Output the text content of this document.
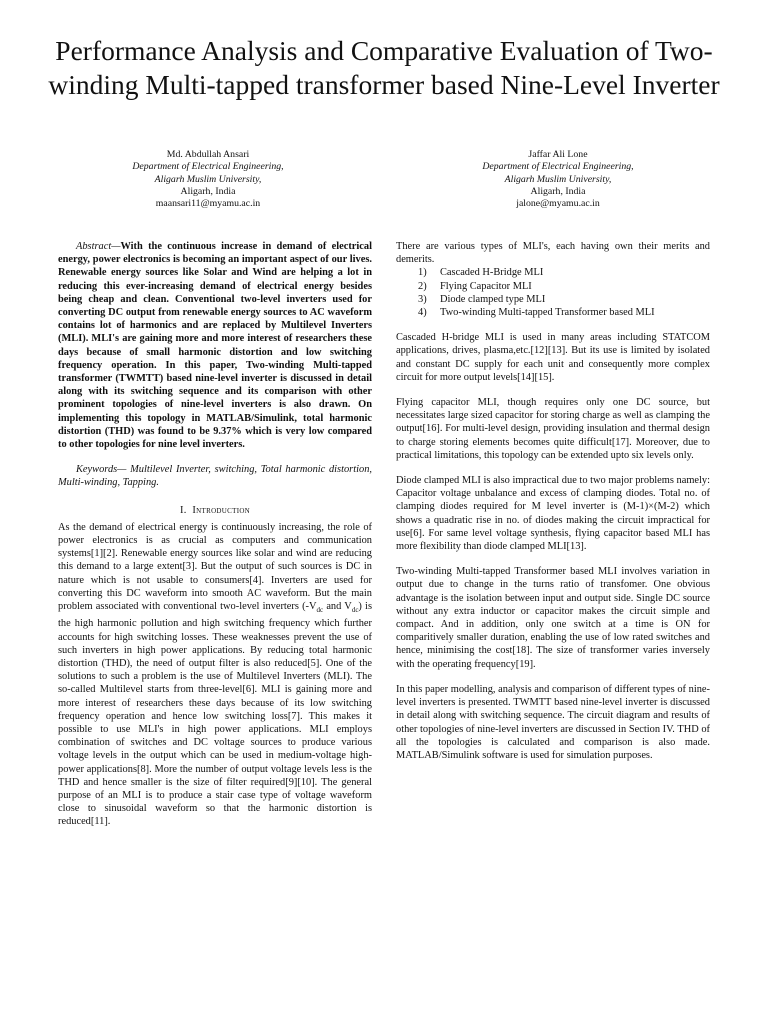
Performance Analysis and Comparative Evaluation of Two-winding Multi-tapped transformer based Nine-Level Inverter
Md. Abdullah Ansari
Department of Electrical Engineering,
Aligarh Muslim University,
Aligarh, India
maansari11@myamu.ac.in
Jaffar Ali Lone
Department of Electrical Engineering,
Aligarh Muslim University,
Aligarh, India
jalone@myamu.ac.in

Abstract—With the continuous increase in demand of electrical energy, power electronics is becoming an important aspect of our lives. Renewable energy sources like Solar and Wind are helping a lot in reducing this ever-increasing demand of electrical energy besides being cheap and clean. Conventional two-level inverters used for converting DC output from renewable energy sources to AC waveform contains lot of harmonics and are replaced by Multilevel Inverters (MLI). MLI's are gaining more and more interest of researchers these days because of small harmonic distortion and low switching frequency operation. In this paper, Two-winding Multi-tapped transformer (TWMTT) based nine-level inverter is discussed in detail along with its switching sequence and its comparison with other prominent topologies of nine-level inverters is also drawn. On implementing this topology in MATLAB/Simulink, total harmonic distortion (THD) was found to be 9.37% which is very low compared to other topologies for nine level inverters.

Keywords— Multilevel Inverter, switching, Total harmonic distortion, Multi-winding, Tapping.

I. Introduction

As the demand of electrical energy is continuously increasing, the role of power electronics is as crucial as computers and communication systems[1][2]. Renewable energy sources like solar and wind are reducing this demand to a large extent[3]. But the output of such sources is DC in nature which is not usable to consumers[4]. Inverters are used for converting this DC waveform into smooth AC waveform. But the main problem associated with conventional two-level inverters ($-V_{dc}$ and $V_{dc}$) is the high harmonic pollution and high switching frequency which further accounts for high switching losses. These weaknesses prevent the use of such inverters in high power applications. By reducing total harmonic distortion (THD), the need of output filter is also reduced[5]. One of the solutions to such a problem is the use of Multilevel Inverters (MLI). The so-called Multilevel starts from three-level[6]. MLI is gaining more and more interest of researchers these days because of its low switching frequency operation and hence low switching loss[7]. This makes it possible to use MLI's in high power applications. MLI employs combination of switches and DC voltage sources to produce various voltage levels in the output which can be used in medium-voltage high-power applications[8]. More the number of output voltage levels less is the THD and hence smaller is the size of filter required[9][10]. The general purpose of an MLI is to produce a stair case type of voltage waveform close to sinusoidal waveform so that the harmonic distortion is reduced[11].

There are various types of MLI's, each having own their merits and demerits.

1) Cascaded H-Bridge MLI
2) Flying Capacitor MLI
3) Diode clamped type MLI
4) Two-winding Multi-tapped Transformer based MLI

Cascaded H-bridge MLI is used in many areas including STATCOM applications, drives, plasma,etc.[12][13]. But its use is limited by isolated and constant DC supply for each unit and consequently more complex circuit for more output levels[14][15].

Flying capacitor MLI, though requires only one DC source, but necessitates large sized capacitor for storing charge as well as clamping the output[16]. For multi-level design, providing insulation and thermal design to charge storing elements becomes quite difficult[17]. Moreover, due to practical limitations, this topology can be extended upto six levels only.

Diode clamped MLI is also impractical due to two major problems namely: Capacitor voltage unbalance and excess of clamping diodes. Total no. of clamping diodes required for M level inverter is (M-1)×(M-2) which shows a quadratic rise in no. of diodes making the circuit impractical for use[6]. For same level voltage synthesis, flying capacitor based MLI has more flexibility than diode clamped MLI[13].

Two-winding Multi-tapped Transformer based MLI involves variation in output due to change in the turns ratio of transfomer. One obvious advantage is the isolation between input and output side. Single DC source without any extra inductor or capacitor makes the circuit simple and compact. And in addition, only one switch at a time is ON for comparitively smaller duration, enabling the use of low rated switches and hence, minimising the cost[18]. The size of transformer varies inversely with the operating frequency[19].

In this paper modelling, analysis and comparison of different types of nine-level inverters is presented. TWMTT based nine-level inverter is discussed in detail along with switching sequence. The circuit diagram and results of other topologies of nine-level inverters are discussed in Section IV. THD of all the topologies is calculated and comparison is also made. MATLAB/Simulink software is used for simulation purposes.
